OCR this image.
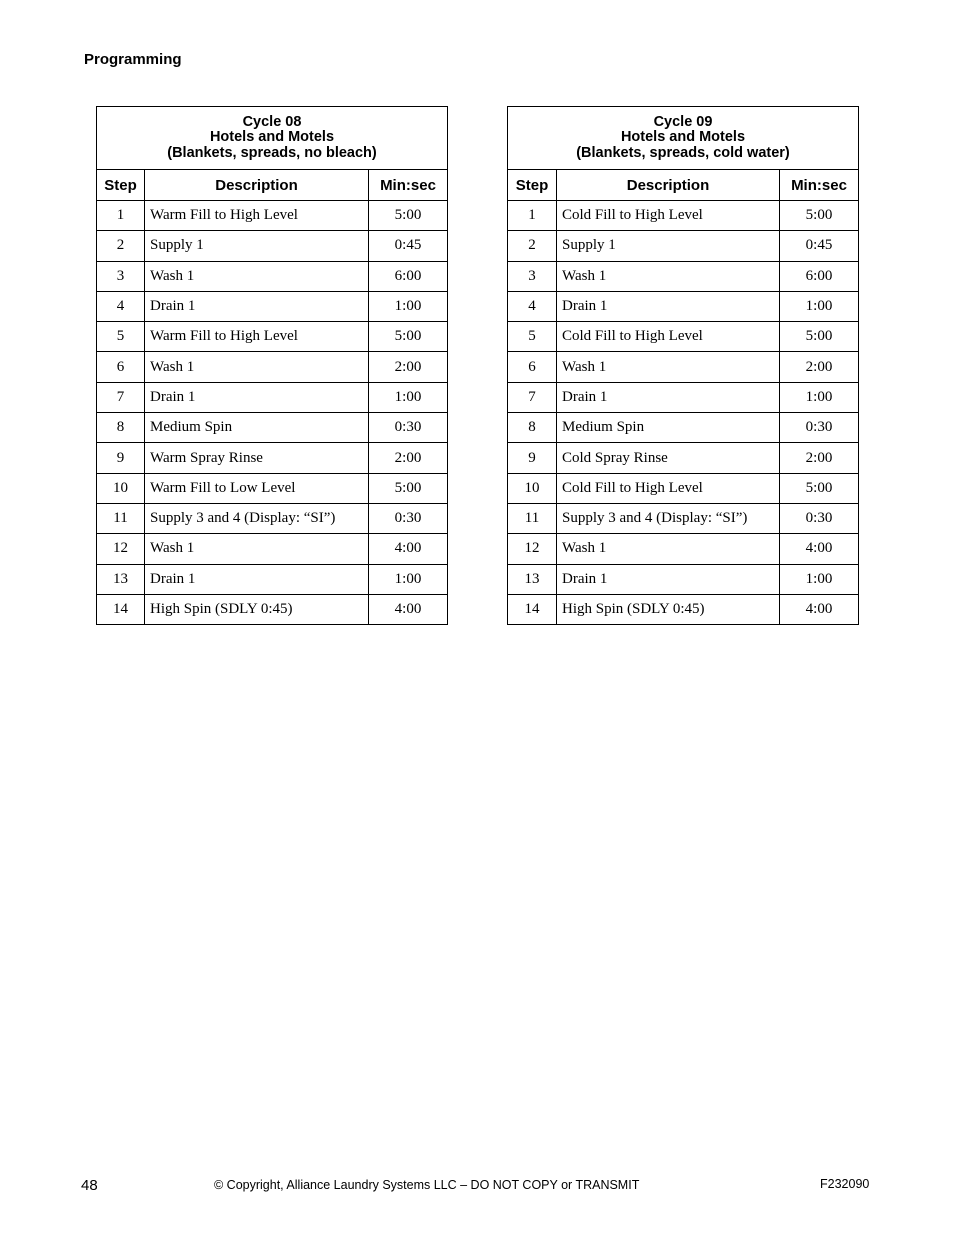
Programming
Cycle 08
Hotels and Motels
(Blankets, spreads, no bleach)		

Step	Description	Min:sec
1	Warm Fill to High Level	5:00
2	Supply 1	0:45
3	Wash 1	6:00
4	Drain 1	1:00
5	Warm Fill to High Level	5:00
6	Wash 1	2:00
7	Drain 1	1:00
8	Medium Spin	0:30
9	Warm Spray Rinse	2:00
10	Warm Fill to Low Level	5:00
11	Supply 3 and 4 (Display: “SI”)	0:30
12	Wash 1	4:00
13	Drain 1	1:00
14	High Spin (SDLY 0:45)	4:00
Cycle 09
Hotels and Motels
(Blankets, spreads, cold water)		

Step	Description	Min:sec
1	Cold Fill to High Level	5:00
2	Supply 1	0:45
3	Wash 1	6:00
4	Drain 1	1:00
5	Cold Fill to High Level	5:00
6	Wash 1	2:00
7	Drain 1	1:00
8	Medium Spin	0:30
9	Cold Spray Rinse	2:00
10	Cold Fill to High Level	5:00
11	Supply 3 and 4 (Display: “SI”)	0:30
12	Wash 1	4:00
13	Drain 1	1:00
14	High Spin (SDLY 0:45)	4:00
48	© Copyright, Alliance Laundry Systems LLC – DO NOT COPY or TRANSMIT	F232090
